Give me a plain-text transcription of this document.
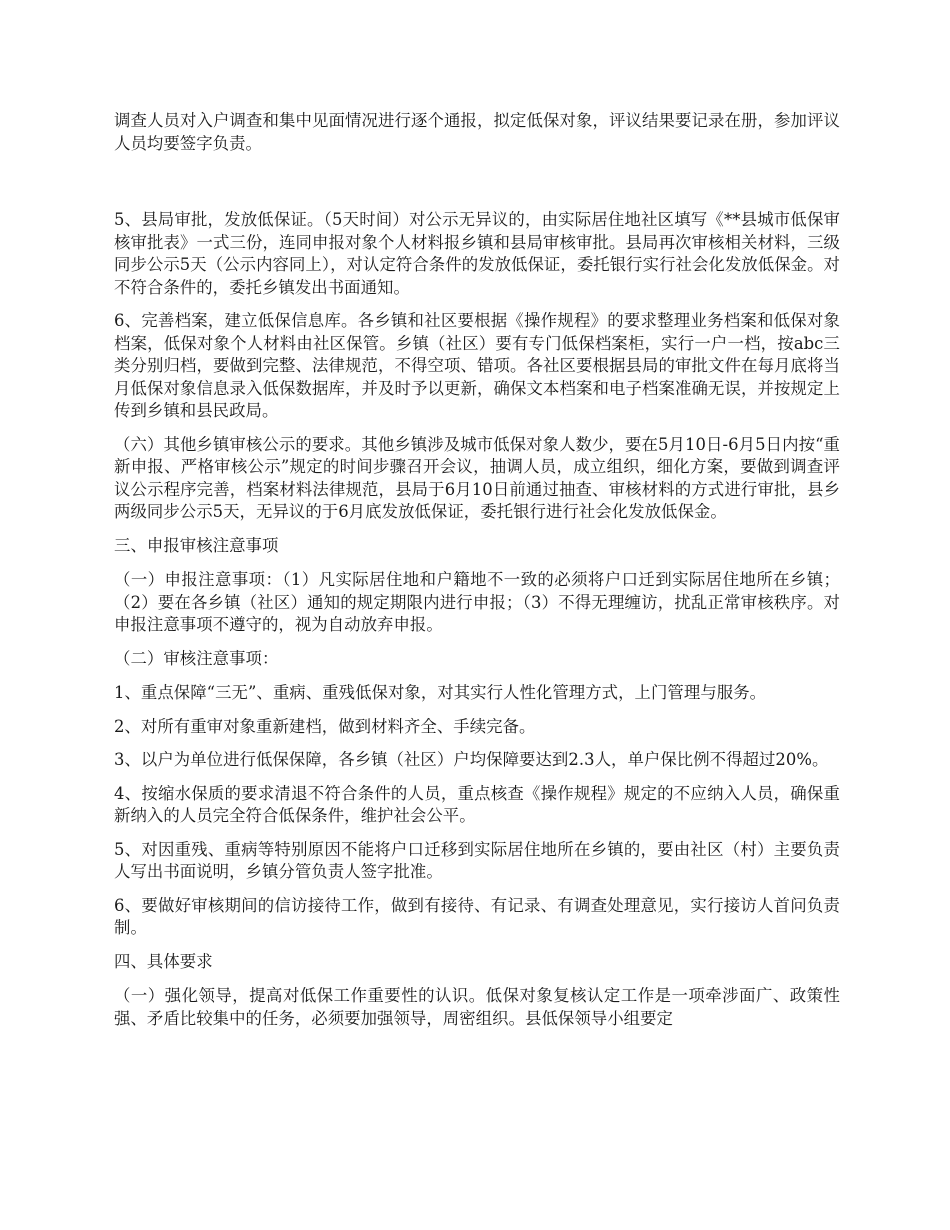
调查人员对入户调查和集中见面情况进行逐个通报，拟定低保对象，评议结果要记录在册，参加评议人员均要签字负责。

5、县局审批，发放低保证。（5天时间）对公示无异议的，由实际居住地社区填写《**县城市低保审核审批表》一式三份，连同申报对象个人材料报乡镇和县局审核审批。县局再次审核相关材料，三级同步公示5天（公示内容同上），对认定符合条件的发放低保证，委托银行实行社会化发放低保金。对不符合条件的，委托乡镇发出书面通知。

6、完善档案，建立低保信息库。各乡镇和社区要根据《操作规程》的要求整理业务档案和低保对象档案，低保对象个人材料由社区保管。乡镇（社区）要有专门低保档案柜，实行一户一档，按abc三类分别归档，要做到完整、法律规范，不得空项、错项。各社区要根据县局的审批文件在每月底将当月低保对象信息录入低保数据库，并及时予以更新，确保文本档案和电子档案准确无误，并按规定上传到乡镇和县民政局。

（六）其他乡镇审核公示的要求。其他乡镇涉及城市低保对象人数少，要在5月10日-6月5日内按“重新申报、严格审核公示”规定的时间步骤召开会议，抽调人员，成立组织，细化方案，要做到调查评议公示程序完善，档案材料法律规范，县局于6月10日前通过抽查、审核材料的方式进行审批，县乡两级同步公示5天，无异议的于6月底发放低保证，委托银行进行社会化发放低保金。

三、申报审核注意事项

（一）申报注意事项：（1）凡实际居住地和户籍地不一致的必须将户口迁到实际居住地所在乡镇；（2）要在各乡镇（社区）通知的规定期限内进行申报；（3）不得无理缠访，扰乱正常审核秩序。对申报注意事项不遵守的，视为自动放弃申报。

（二）审核注意事项：

1、重点保障“三无”、重病、重残低保对象，对其实行人性化管理方式，上门管理与服务。

2、对所有重审对象重新建档，做到材料齐全、手续完备。

3、以户为单位进行低保保障，各乡镇（社区）户均保障要达到2.3人，单户保比例不得超过20%。

4、按缩水保质的要求清退不符合条件的人员，重点核查《操作规程》规定的不应纳入人员，确保重新纳入的人员完全符合低保条件，维护社会公平。

5、对因重残、重病等特别原因不能将户口迁移到实际居住地所在乡镇的，要由社区（村）主要负责人写出书面说明，乡镇分管负责人签字批准。

6、要做好审核期间的信访接待工作，做到有接待、有记录、有调查处理意见，实行接访人首问负责制。

四、具体要求

（一）强化领导，提高对低保工作重要性的认识。低保对象复核认定工作是一项牵涉面广、政策性强、矛盾比较集中的任务，必须要加强领导，周密组织。县低保领导小组要定
